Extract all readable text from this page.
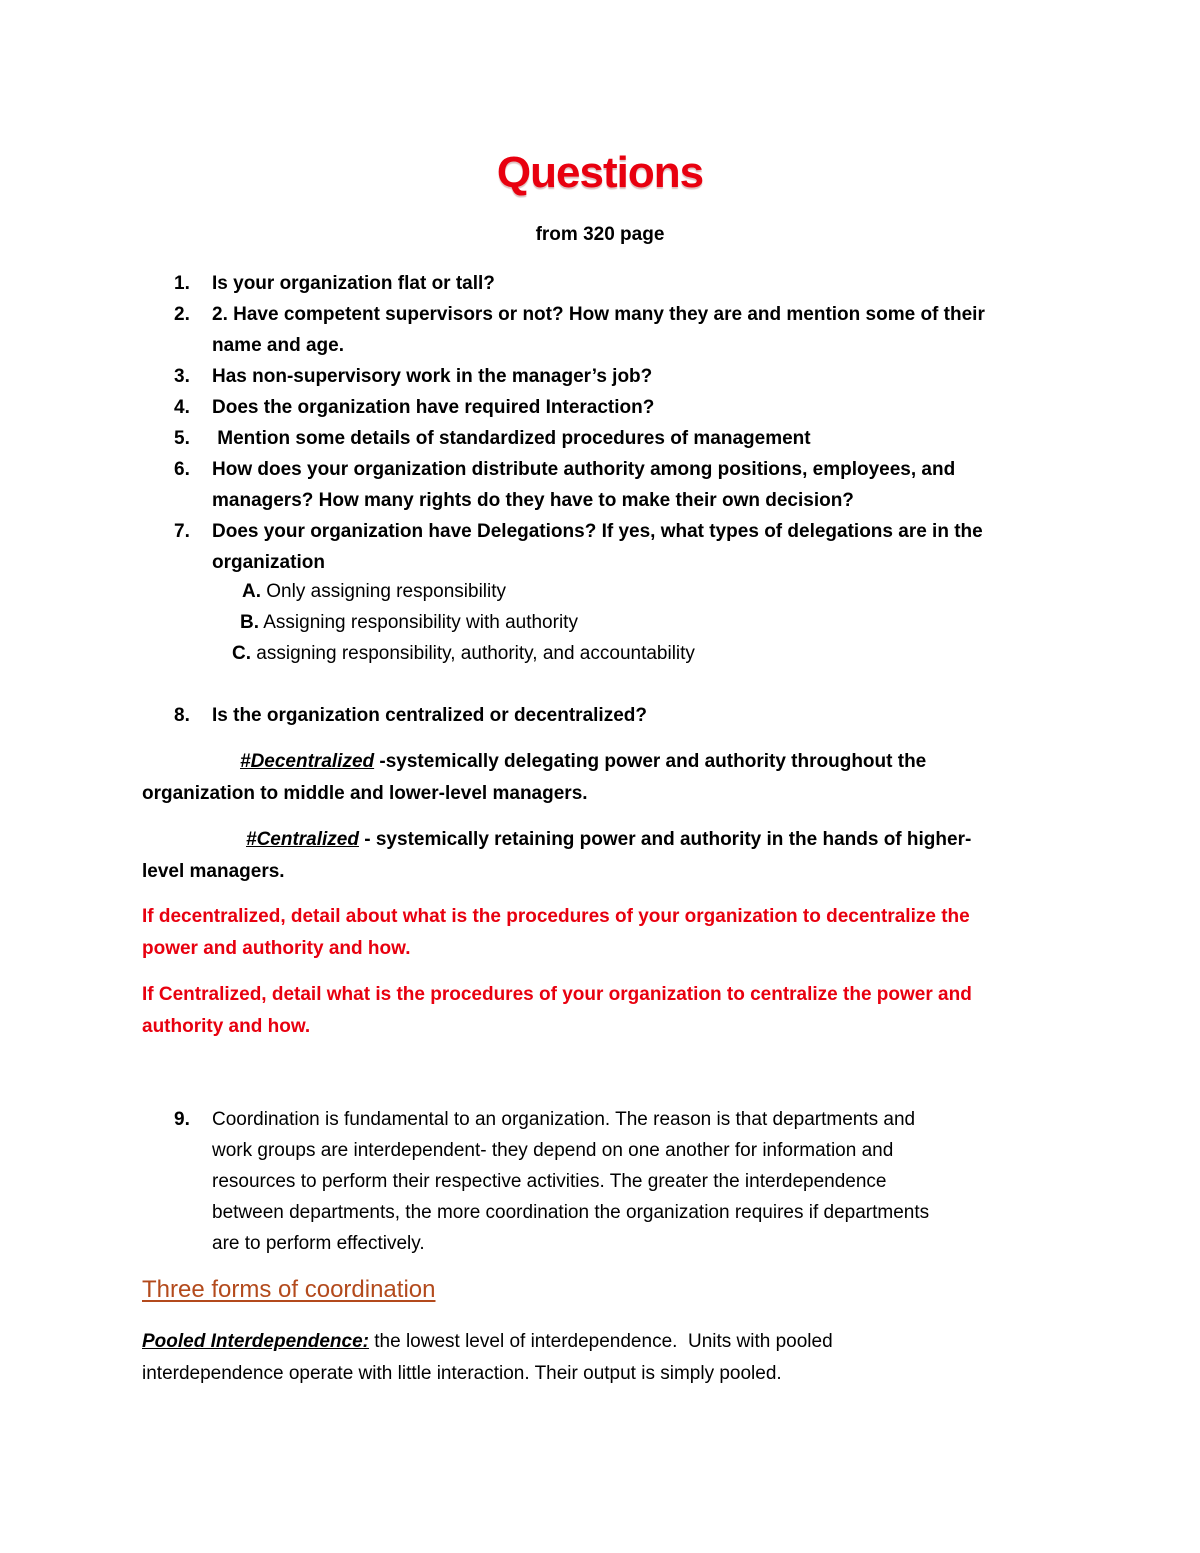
Questions
from 320 page
1. Is your organization flat or tall?
2. 2. Have competent supervisors or not? How many they are and mention some of their
name and age.
3. Has non-supervisory work in the manager’s job?
4. Does the organization have required Interaction?
5. Mention some details of standardized procedures of management
6. How does your organization distribute authority among positions, employees, and
managers? How many rights do they have to make their own decision?
7. Does your organization have Delegations? If yes, what types of delegations are in the
organization
A. Only assigning responsibility
B. Assigning responsibility with authority
C. assigning responsibility, authority, and accountability
8. Is the organization centralized or decentralized?
#Decentralized -systemically delegating power and authority throughout the
organization to middle and lower-level managers.
#Centralized - systemically retaining power and authority in the hands of higher-
level managers.
If decentralized, detail about what is the procedures of your organization to decentralize the
power and authority and how.
If Centralized, detail what is the procedures of your organization to centralize the power and
authority and how.
9. Coordination is fundamental to an organization. The reason is that departments and
work groups are interdependent- they depend on one another for information and
resources to perform their respective activities. The greater the interdependence
between departments, the more coordination the organization requires if departments
are to perform effectively.
Three forms of coordination
Pooled Interdependence: the lowest level of interdependence.  Units with pooled
interdependence operate with little interaction. Their output is simply pooled.
